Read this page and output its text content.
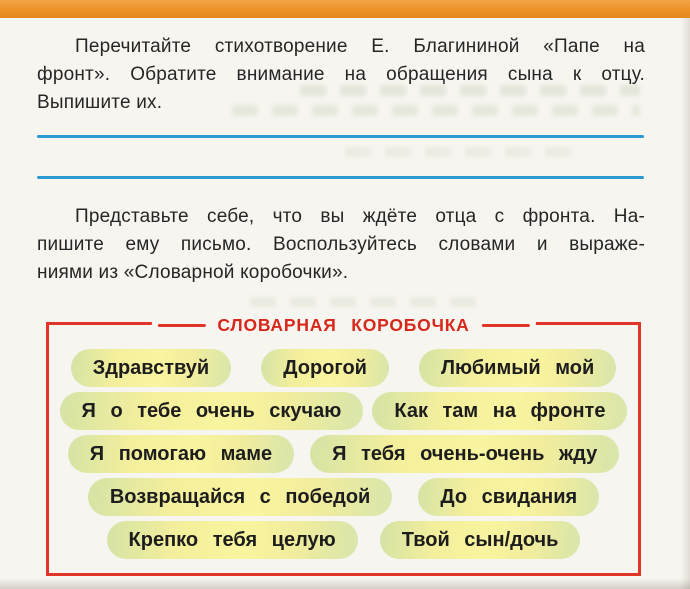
Перечитайте стихотворение Е. Благининой «Папе на
фронт». Обратите внимание на обращения сына к отцу.
Выпишите их.
Представьте себе, что вы ждёте отца с фронта. На-
пишите ему письмо. Воспользуйтесь словами и выраже-
ниями из «Словарной коробочки».
СЛОВАРНАЯ КОРОБОЧКА
Здравствуй	Дорогой	Любимый мой
Я о тебе очень скучаю	Как там на фронте
Я помогаю маме	Я тебя очень-очень жду
Возвращайся с победой	До свидания
Крепко тебя целую	Твой сын/дочь
